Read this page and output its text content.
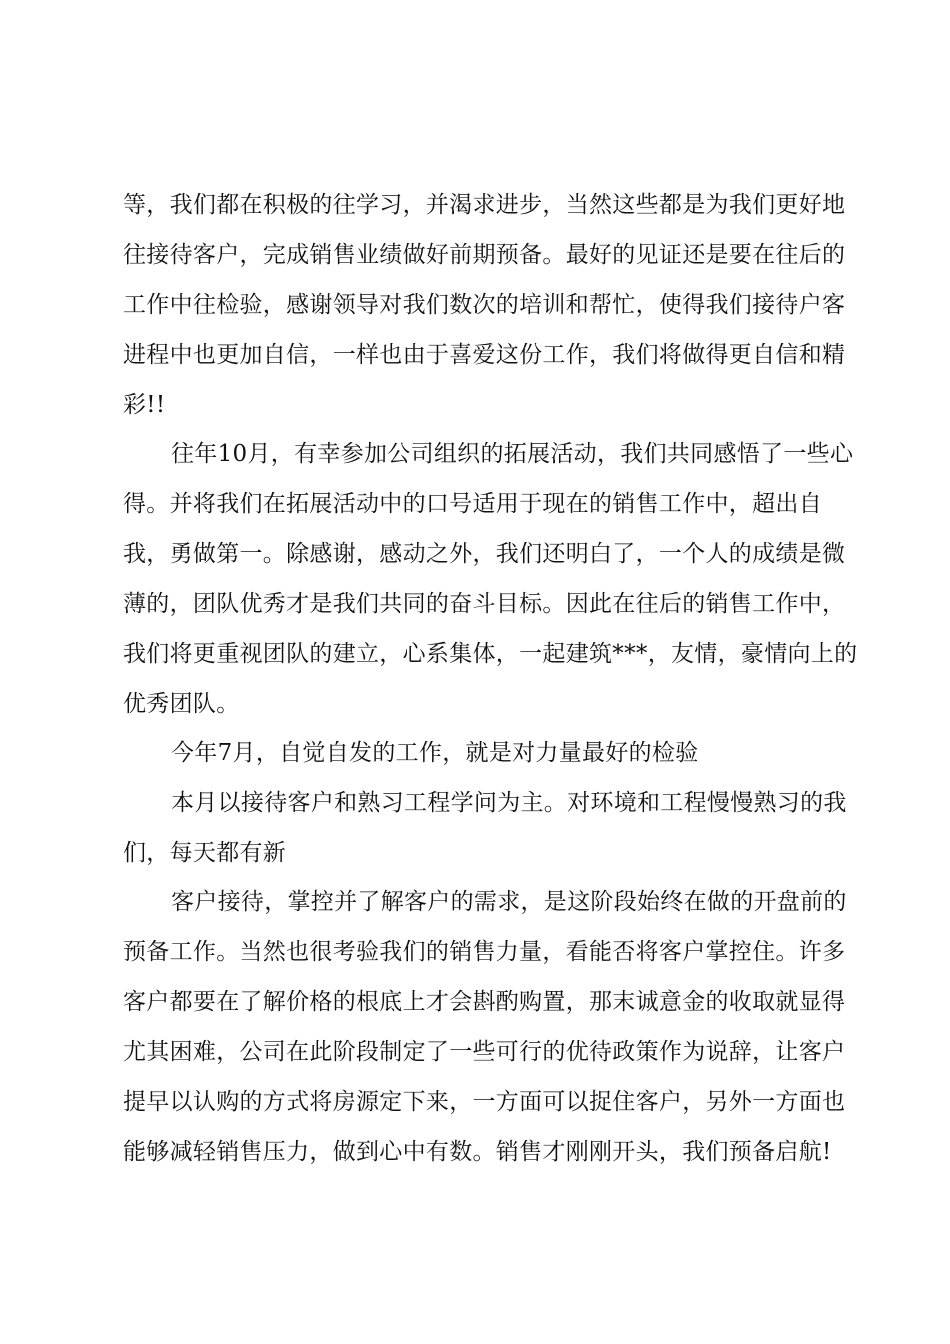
等，我们都在积极的往学习，并渴求进步，当然这些都是为我们更好地
往接待客户，完成销售业绩做好前期预备。最好的见证还是要在往后的
工作中往检验，感谢领导对我们数次的培训和帮忙，使得我们接待户客
进程中也更加自信，一样也由于喜爱这份工作，我们将做得更自信和精
彩!!
往年10月，有幸参加公司组织的拓展活动，我们共同感悟了一些心
得。并将我们在拓展活动中的口号适用于现在的销售工作中，超出自
我，勇做第一。除感谢，感动之外，我们还明白了，一个人的成绩是微
薄的，团队优秀才是我们共同的奋斗目标。因此在往后的销售工作中，
我们将更重视团队的建立，心系集体，一起建筑***，友情，豪情向上的
优秀团队。
今年7月，自觉自发的工作，就是对力量最好的检验
本月以接待客户和熟习工程学问为主。对环境和工程慢慢熟习的我
们，每天都有新
客户接待，掌控并了解客户的需求，是这阶段始终在做的开盘前的
预备工作。当然也很考验我们的销售力量，看能否将客户掌控住。许多
客户都要在了解价格的根底上才会斟酌购置，那末诚意金的收取就显得
尤其困难，公司在此阶段制定了一些可行的优待政策作为说辞，让客户
提早以认购的方式将房源定下来，一方面可以捉住客户，另外一方面也
能够减轻销售压力，做到心中有数。销售才刚刚开头，我们预备启航!
